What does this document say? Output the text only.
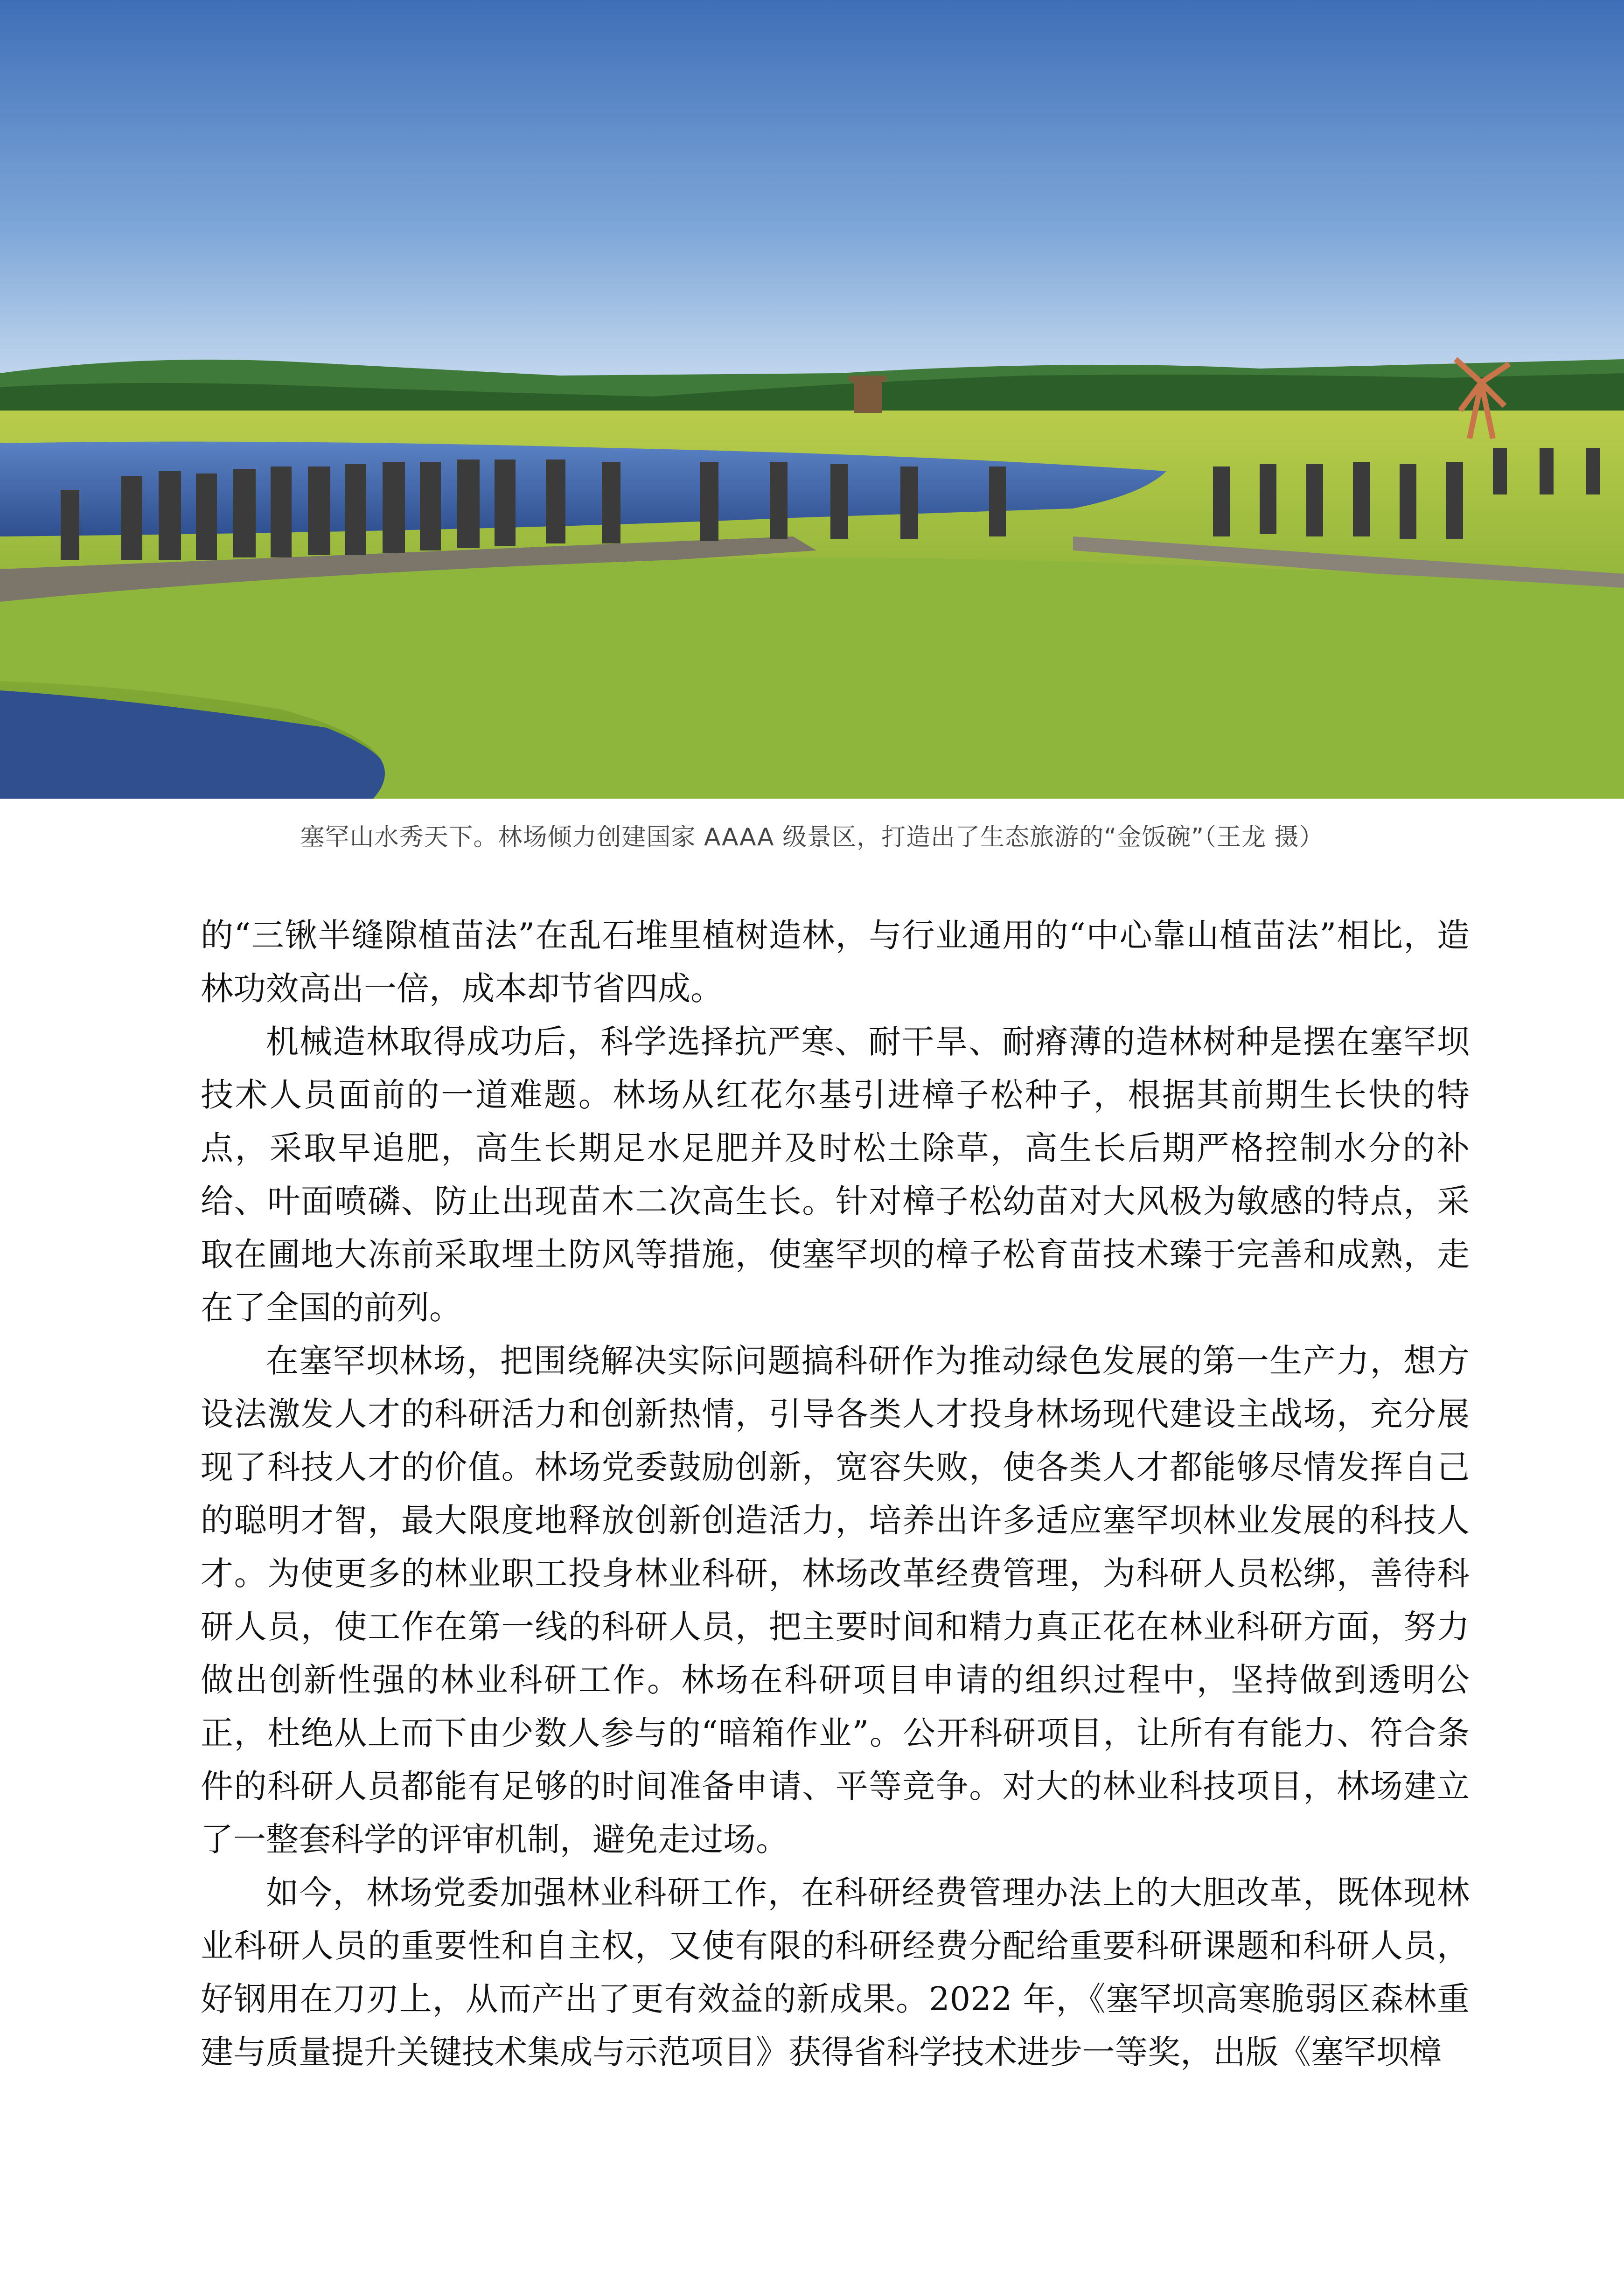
塞罕山水秀天下。林场倾力创建国家 AAAA 级景区，打造出了生态旅游的“金饭碗”（王龙 摄）

的“三锹半缝隙植苗法”在乱石堆里植树造林，与行业通用的“中心靠山植苗法”相比，造林功效高出一倍，成本却节省四成。

机械造林取得成功后，科学选择抗严寒、耐干旱、耐瘠薄的造林树种是摆在塞罕坝技术人员面前的一道难题。林场从红花尔基引进樟子松种子，根据其前期生长快的特点，采取早追肥，高生长期足水足肥并及时松土除草，高生长后期严格控制水分的补给、叶面喷磷、防止出现苗木二次高生长。针对樟子松幼苗对大风极为敏感的特点，采取在圃地大冻前采取埋土防风等措施，使塞罕坝的樟子松育苗技术臻于完善和成熟，走在了全国的前列。

在塞罕坝林场，把围绕解决实际问题搞科研作为推动绿色发展的第一生产力，想方设法激发人才的科研活力和创新热情，引导各类人才投身林场现代建设主战场，充分展现了科技人才的价值。林场党委鼓励创新，宽容失败，使各类人才都能够尽情发挥自己的聪明才智，最大限度地释放创新创造活力，培养出许多适应塞罕坝林业发展的科技人才。为使更多的林业职工投身林业科研，林场改革经费管理，为科研人员松绑，善待科研人员，使工作在第一线的科研人员，把主要时间和精力真正花在林业科研方面，努力做出创新性强的林业科研工作。林场在科研项目申请的组织过程中，坚持做到透明公正，杜绝从上而下由少数人参与的“暗箱作业”。公开科研项目，让所有有能力、符合条件的科研人员都能有足够的时间准备申请、平等竞争。对大的林业科技项目，林场建立了一整套科学的评审机制，避免走过场。

如今，林场党委加强林业科研工作，在科研经费管理办法上的大胆改革，既体现林业科研人员的重要性和自主权，又使有限的科研经费分配给重要科研课题和科研人员，好钢用在刀刃上，从而产出了更有效益的新成果。2022 年，《塞罕坝高寒脆弱区森林重建与质量提升关键技术集成与示范项目》获得省科学技术进步一等奖，出版《塞罕坝樟
